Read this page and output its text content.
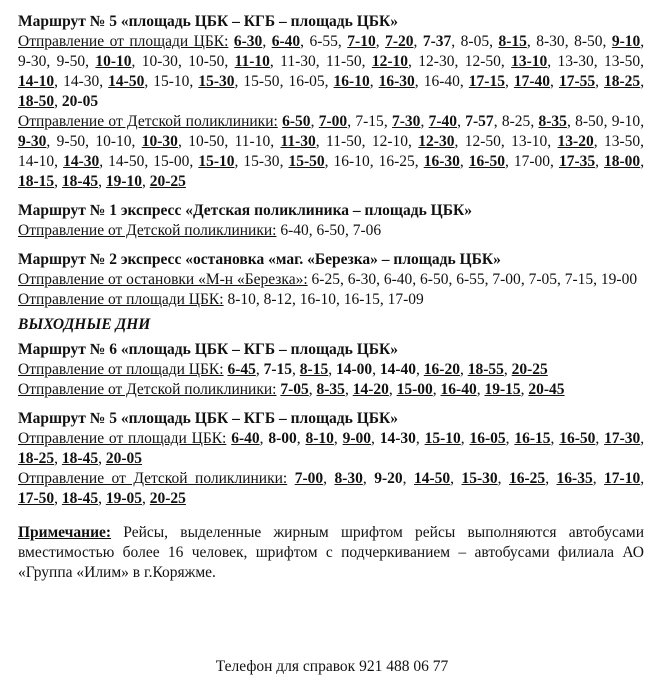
Маршрут № 5 «площадь ЦБК – КГБ – площадь ЦБК»

Отправление от площади ЦБК: 6-30, 6-40, 6-55, 7-10, 7-20, 7-37, 8-05, 8-15, 8-30, 8-50, 9-10, 9-30, 9-50, 10-10, 10-30, 10-50, 11-10, 11-30, 11-50, 12-10, 12-30, 12-50, 13-10, 13-30, 13-50, 14-10, 14-30, 14-50, 15-10, 15-30, 15-50, 16-05, 16-10, 16-30, 16-40, 17-15, 17-40, 17-55, 18-25, 18-50, 20-05

Отправление от Детской поликлиники: 6-50, 7-00, 7-15, 7-30, 7-40, 7-57, 8-25, 8-35, 8-50, 9-10, 9-30, 9-50, 10-10, 10-30, 10-50, 11-10, 11-30, 11-50, 12-10, 12-30, 12-50, 13-10, 13-20, 13-50, 14-10, 14-30, 14-50, 15-00, 15-10, 15-30, 15-50, 16-10, 16-25, 16-30, 16-50, 17-00, 17-35, 18-00, 18-15, 18-45, 19-10, 20-25

Маршрут № 1 экспресс «Детская поликлиника – площадь ЦБК»

Отправление от Детской поликлиники: 6-40, 6-50, 7-06

Маршрут № 2 экспресс «остановка «маг. «Березка» – площадь ЦБК»

Отправление от остановки «М-н «Березка»: 6-25, 6-30, 6-40, 6-50, 6-55, 7-00, 7-05, 7-15, 19-00

Отправление от площади ЦБК: 8-10, 8-12, 16-10, 16-15, 17-09

ВЫХОДНЫЕ ДНИ

Маршрут № 6 «площадь ЦБК – КГБ – площадь ЦБК»

Отправление от площади ЦБК: 6-45, 7-15, 8-15, 14-00, 14-40, 16-20, 18-55, 20-25

Отправление от Детской поликлиники: 7-05, 8-35, 14-20, 15-00, 16-40, 19-15, 20-45

Маршрут № 5 «площадь ЦБК – КГБ – площадь ЦБК»

Отправление от площади ЦБК: 6-40, 8-00, 8-10, 9-00, 14-30, 15-10, 16-05, 16-15, 16-50, 17-30, 18-25, 18-45, 20-05

Отправление от Детской поликлиники: 7-00, 8-30, 9-20, 14-50, 15-30, 16-25, 16-35, 17-10, 17-50, 18-45, 19-05, 20-25

Примечание: Рейсы, выделенные жирным шрифтом рейсы выполняются автобусами вместимостью более 16 человек, шрифтом с подчеркиванием – автобусами филиала АО «Группа «Илим» в г.Коряжме.

Телефон для справок 921 488 06 77
